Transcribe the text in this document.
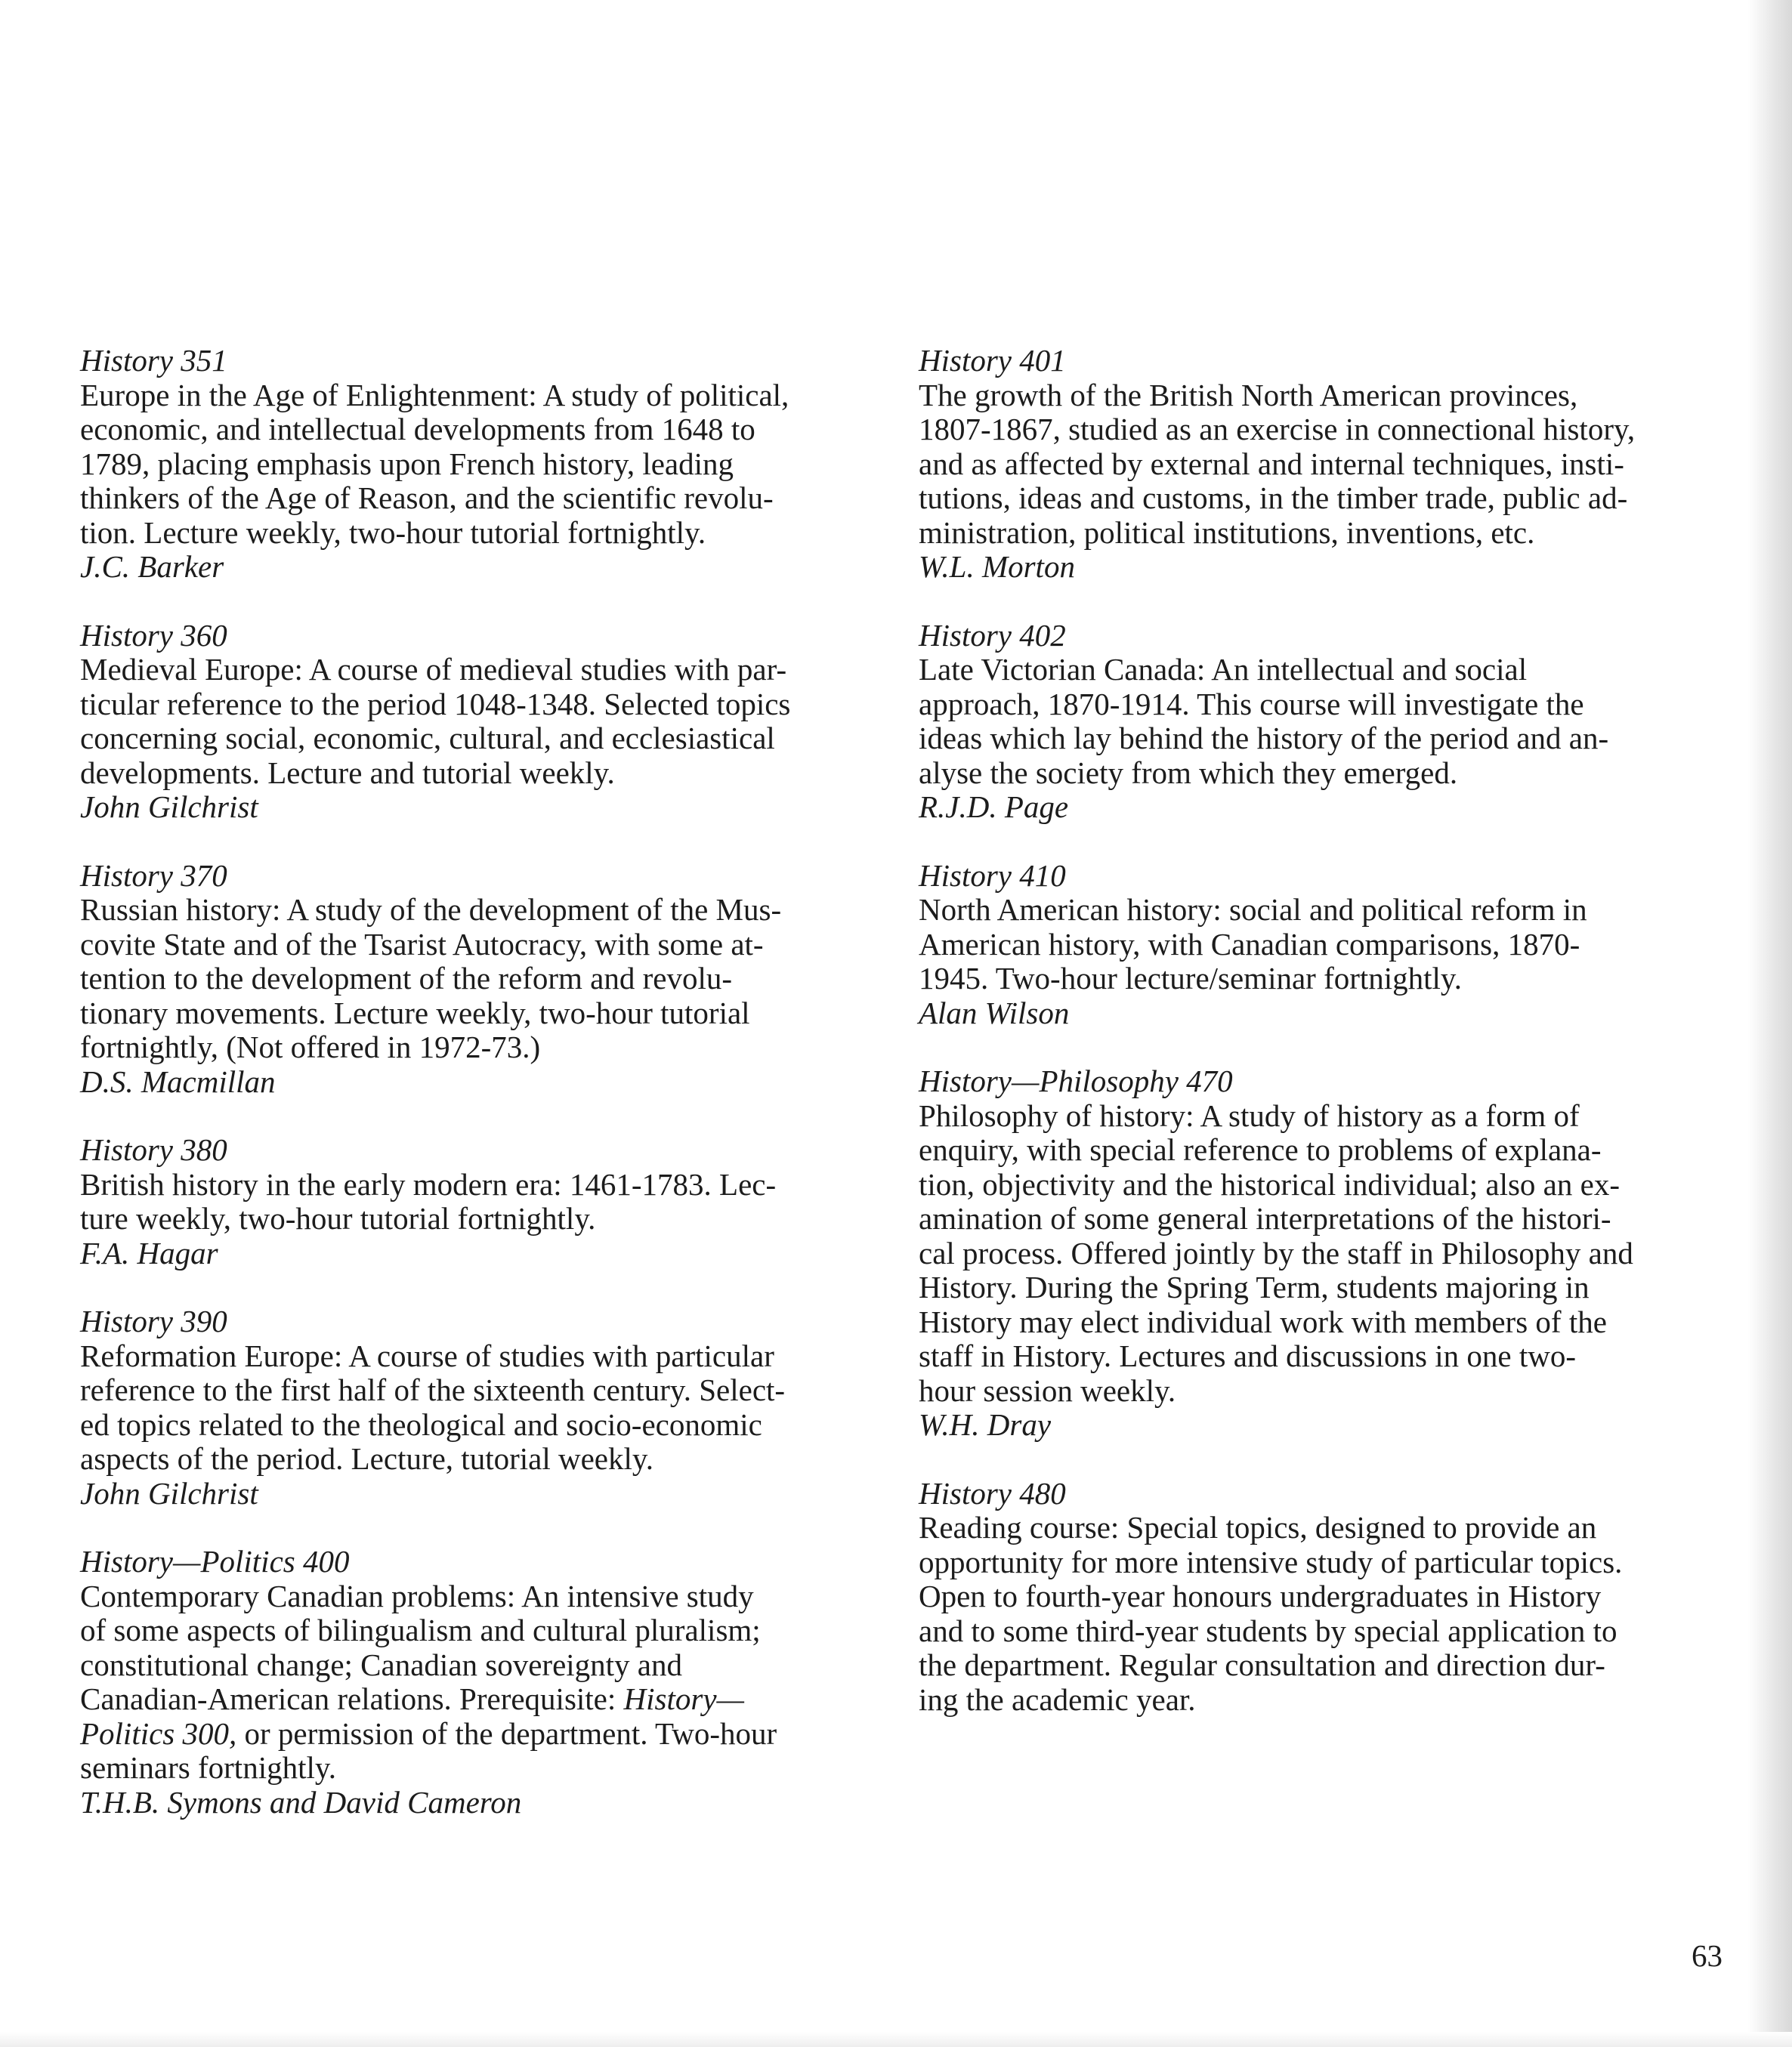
History 351

Europe in the Age of Enlightenment: A study of political,
economic, and intellectual developments from 1648 to
1789, placing emphasis upon French history, leading
thinkers of the Age of Reason, and the scientific revolu-
tion. Lecture weekly, two-hour tutorial fortnightly.

J.C. Barker

History 360

Medieval Europe: A course of medieval studies with par-
ticular reference to the period 1048-1348. Selected topics
concerning social, economic, cultural, and ecclesiastical
developments. Lecture and tutorial weekly.

John Gilchrist

History 370

Russian history: A study of the development of the Mus-
covite State and of the Tsarist Autocracy, with some at-
tention to the development of the reform and revolu-
tionary movements. Lecture weekly, two-hour tutorial
fortnightly, (Not offered in 1972-73.)

D.S. Macmillan

History 380

British history in the early modern era: 1461-1783. Lec-
ture weekly, two-hour tutorial fortnightly.

F.A. Hagar

History 390

Reformation Europe: A course of studies with particular
reference to the first half of the sixteenth century. Select-
ed topics related to the theological and socio-economic
aspects of the period. Lecture, tutorial weekly.

John Gilchrist

History—Politics 400

Contemporary Canadian problems: An intensive study
of some aspects of bilingualism and cultural pluralism;
constitutional change; Canadian sovereignty and
Canadian-American relations. Prerequisite: History—
Politics 300, or permission of the department. Two-hour
seminars fortnightly.

T.H.B. Symons and David Cameron

History 401

The growth of the British North American provinces,
1807-1867, studied as an exercise in connectional history,
and as affected by external and internal techniques, insti-
tutions, ideas and customs, in the timber trade, public ad-
ministration, political institutions, inventions, etc.

W.L. Morton

History 402

Late Victorian Canada: An intellectual and social
approach, 1870-1914. This course will investigate the
ideas which lay behind the history of the period and an-
alyse the society from which they emerged.

R.J.D. Page

History 410

North American history: social and political reform in
American history, with Canadian comparisons, 1870-
1945. Two-hour lecture/seminar fortnightly.

Alan Wilson

History—Philosophy 470

Philosophy of history: A study of history as a form of
enquiry, with special reference to problems of explana-
tion, objectivity and the historical individual; also an ex-
amination of some general interpretations of the histori-
cal process. Offered jointly by the staff in Philosophy and
History. During the Spring Term, students majoring in
History may elect individual work with members of the
staff in History. Lectures and discussions in one two-
hour session weekly.

W.H. Dray

History 480

Reading course: Special topics, designed to provide an
opportunity for more intensive study of particular topics.
Open to fourth-year honours undergraduates in History
and to some third-year students by special application to
the department. Regular consultation and direction dur-
ing the academic year.

63
